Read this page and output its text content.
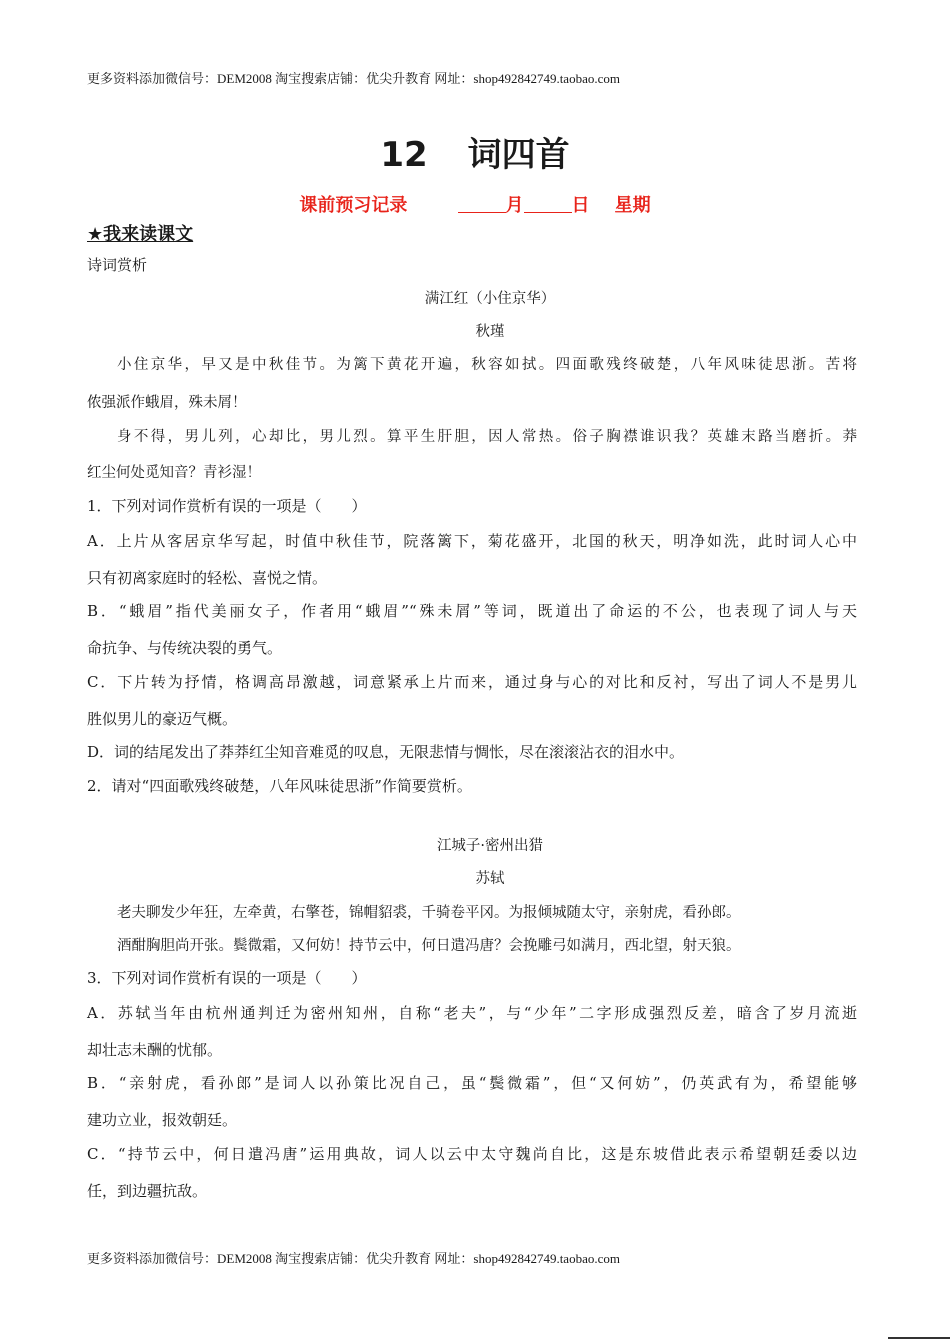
更多资料添加微信号：DEM2008 淘宝搜索店铺：优尖升教育 网址：shop492842749.taobao.com
12 词四首
课前预习记录	月	日 星期
★我来读课文
诗词赏析
满江红（小住京华）
秋瑾
小住京华，早又是中秋佳节。为篱下黄花开遍，秋容如拭。四面歌残终破楚，八年风味徒思浙。苦将
侬强派作蛾眉，殊未屑！
身不得，男儿列，心却比，男儿烈。算平生肝胆，因人常热。俗子胸襟谁识我？英雄末路当磨折。莽
红尘何处觅知音？青衫湿！
1．下列对词作赏析有误的一项是（　　）
A．上片从客居京华写起，时值中秋佳节，院落篱下，菊花盛开，北国的秋天，明净如洗，此时词人心中
只有初离家庭时的轻松、喜悦之情。
B．“蛾眉”指代美丽女子，作者用“蛾眉”“殊未屑”等词，既道出了命运的不公，也表现了词人与天
命抗争、与传统决裂的勇气。
C．下片转为抒情，格调高昂激越，词意紧承上片而来，通过身与心的对比和反衬，写出了词人不是男儿
胜似男儿的豪迈气概。
D．词的结尾发出了莽莽红尘知音难觅的叹息，无限悲情与惆怅，尽在滚滚沾衣的泪水中。
2．请对“四面歌残终破楚，八年风味徒思浙”作简要赏析。
江城子·密州出猎
苏轼
老夫聊发少年狂，左牵黄，右擎苍，锦帽貂裘，千骑卷平冈。为报倾城随太守，亲射虎，看孙郎。
酒酣胸胆尚开张。鬓微霜，又何妨！持节云中，何日遣冯唐？会挽雕弓如满月，西北望，射天狼。
3．下列对词作赏析有误的一项是（　　）
A．苏轼当年由杭州通判迁为密州知州，自称“老夫”，与“少年”二字形成强烈反差，暗含了岁月流逝
却壮志未酬的忧郁。
B．“亲射虎，看孙郎”是词人以孙策比况自己，虽“鬓微霜”，但“又何妨”，仍英武有为，希望能够
建功立业，报效朝廷。
C．“持节云中，何日遣冯唐”运用典故，词人以云中太守魏尚自比，这是东坡借此表示希望朝廷委以边
任，到边疆抗敌。
更多资料添加微信号：DEM2008 淘宝搜索店铺：优尖升教育 网址：shop492842749.taobao.com
